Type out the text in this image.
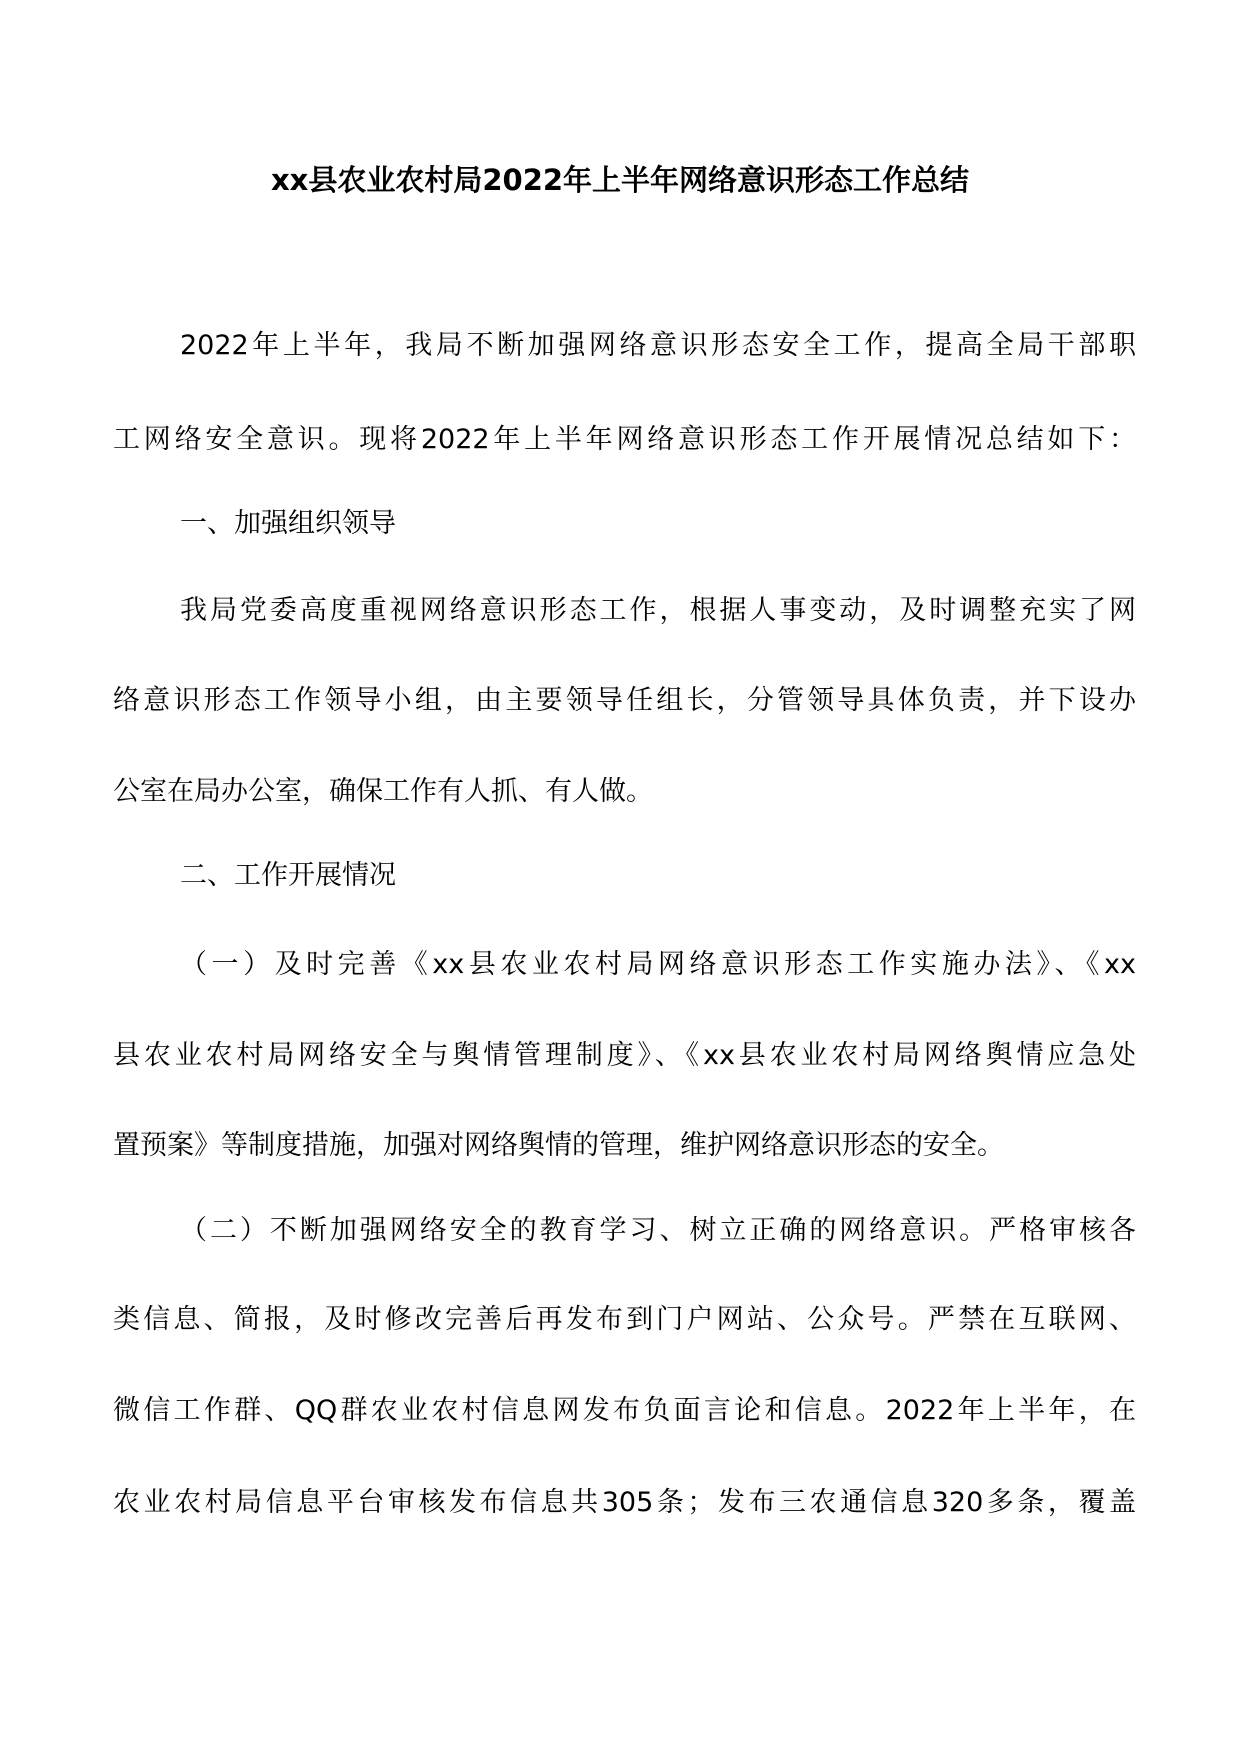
xx县农业农村局2022年上半年网络意识形态工作总结
2022年上半年，我局不断加强网络意识形态安全工作，提高全局干部职
工网络安全意识。现将2022年上半年网络意识形态工作开展情况总结如下：
一、加强组织领导
我局党委高度重视网络意识形态工作，根据人事变动，及时调整充实了网
络意识形态工作领导小组，由主要领导任组长，分管领导具体负责，并下设办
公室在局办公室，确保工作有人抓、有人做。
二、工作开展情况
（一）及时完善《xx县农业农村局网络意识形态工作实施办法》、《xx
县农业农村局网络安全与舆情管理制度》、《xx县农业农村局网络舆情应急处
置预案》等制度措施，加强对网络舆情的管理，维护网络意识形态的安全。
（二）不断加强网络安全的教育学习、树立正确的网络意识。严格审核各
类信息、简报，及时修改完善后再发布到门户网站、公众号。严禁在互联网、
微信工作群、QQ群农业农村信息网发布负面言论和信息。2022年上半年，在
农业农村局信息平台审核发布信息共305条；发布三农通信息320多条，覆盖
